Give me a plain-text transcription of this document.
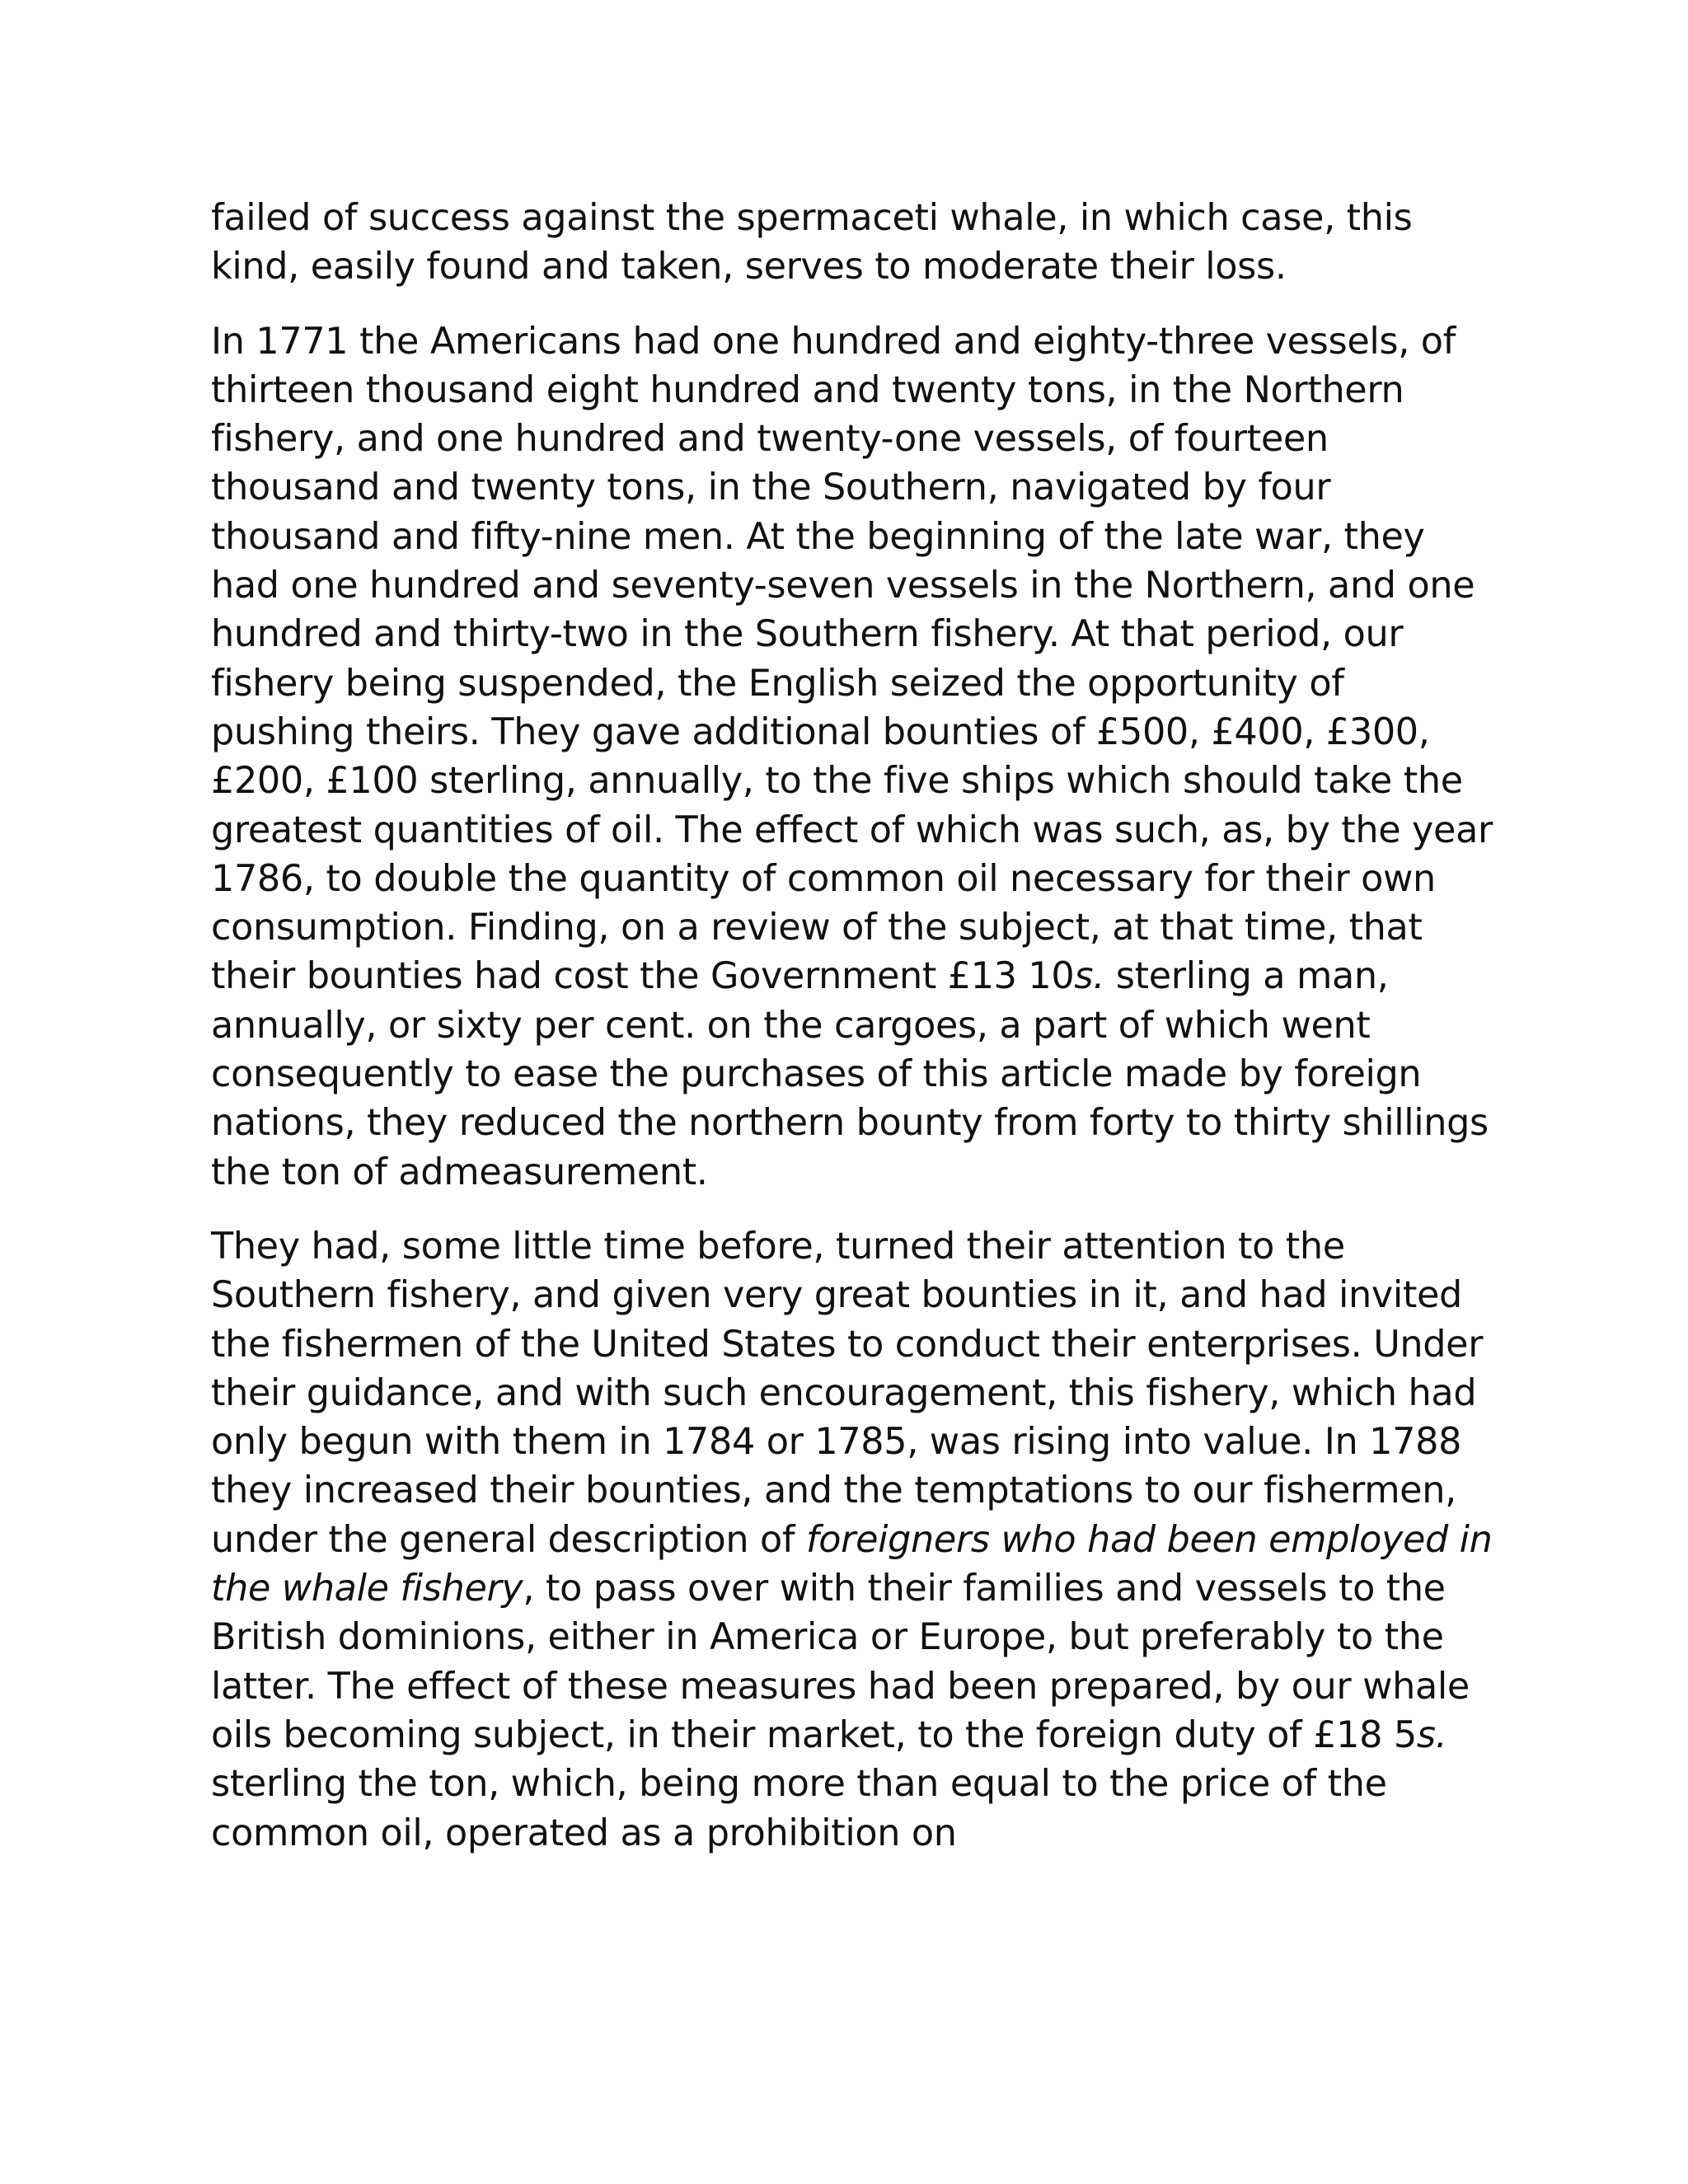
failed of success against the spermaceti whale, in which case, this kind, easily found and taken, serves to moderate their loss.

In 1771 the Americans had one hundred and eighty-three vessels, of thirteen thousand eight hundred and twenty tons, in the Northern fishery, and one hundred and twenty-one vessels, of fourteen thousand and twenty tons, in the Southern, navigated by four thousand and fifty-nine men. At the beginning of the late war, they had one hundred and seventy-seven vessels in the Northern, and one hundred and thirty-two in the Southern fishery. At that period, our fishery being suspended, the English seized the opportunity of pushing theirs. They gave additional bounties of £500, £400, £300, £200, £100 sterling, annually, to the five ships which should take the greatest quantities of oil. The effect of which was such, as, by the year 1786, to double the quantity of common oil necessary for their own consumption. Finding, on a review of the subject, at that time, that their bounties had cost the Government £13 10s. sterling a man, annually, or sixty per cent. on the cargoes, a part of which went consequently to ease the purchases of this article made by foreign nations, they reduced the northern bounty from forty to thirty shillings the ton of admeasurement.

They had, some little time before, turned their attention to the Southern fishery, and given very great bounties in it, and had invited the fishermen of the United States to conduct their enterprises. Under their guidance, and with such encouragement, this fishery, which had only begun with them in 1784 or 1785, was rising into value. In 1788 they increased their bounties, and the temptations to our fishermen, under the general description of foreigners who had been employed in the whale fishery, to pass over with their families and vessels to the British dominions, either in America or Europe, but preferably to the latter. The effect of these measures had been prepared, by our whale oils becoming subject, in their market, to the foreign duty of £18 5s. sterling the ton, which, being more than equal to the price of the common oil, operated as a prohibition on
